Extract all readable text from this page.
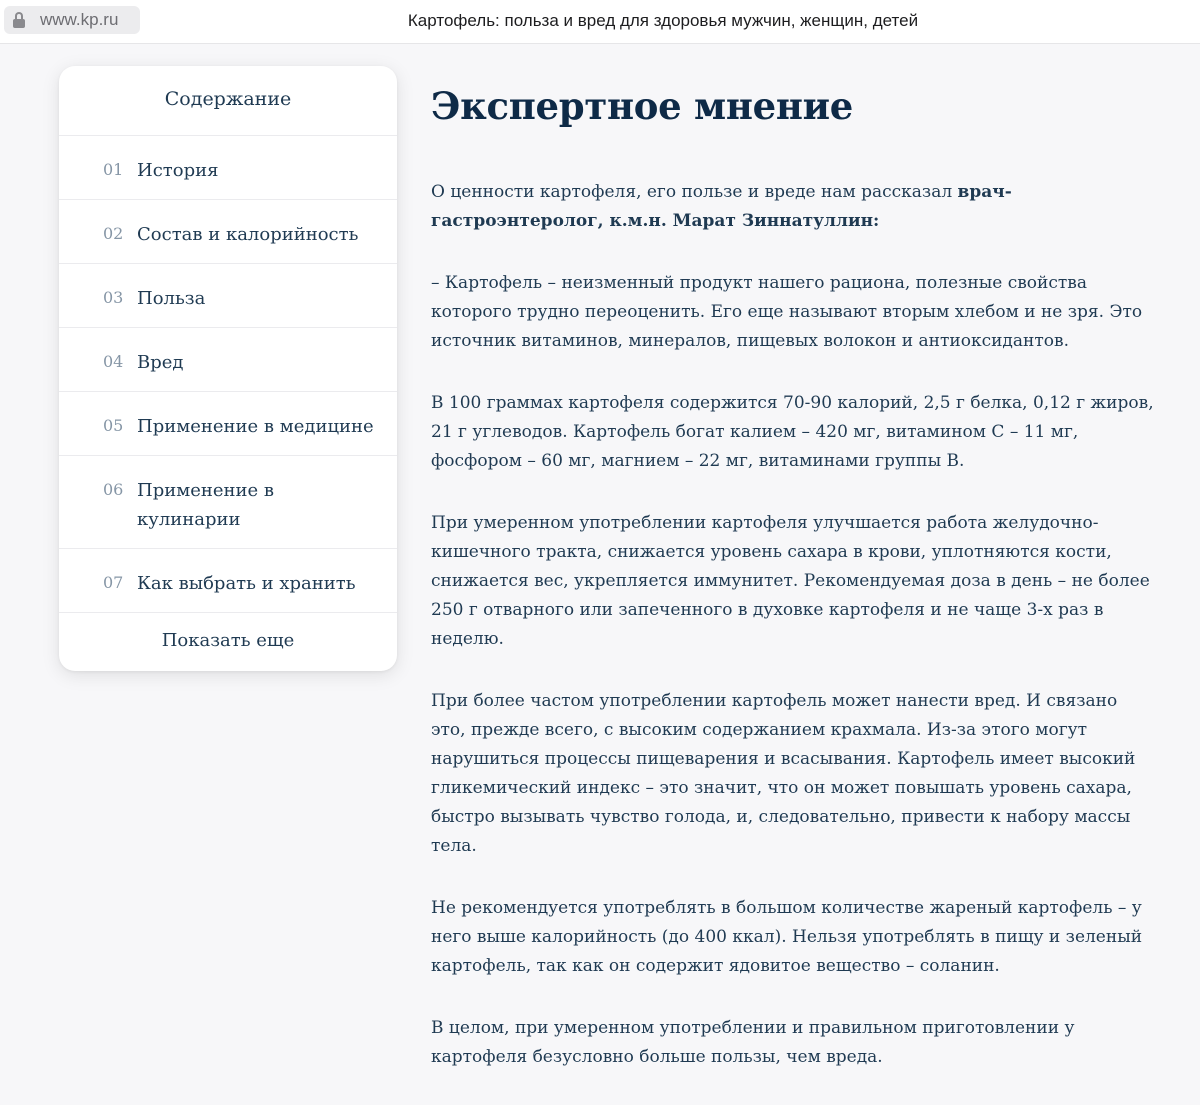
Картофель: польза и вред для здоровья мужчин, женщин, детей
www.kp.ru
Содержание
01 История
02 Состав и калорийность
03 Польза
04 Вред
05 Применение в медицине
06 Применение в кулинарии
07 Как выбрать и хранить
Показать еще
Экспертное мнение

О ценности картофеля, его пользе и вреде нам рассказал врач-гастроэнтеролог, к.м.н. Марат Зиннатуллин:

– Картофель – неизменный продукт нашего рациона, полезные свойства которого трудно переоценить. Его еще называют вторым хлебом и не зря. Это источник витаминов, минералов, пищевых волокон и антиоксидантов.

В 100 граммах картофеля содержится 70-90 калорий, 2,5 г белка, 0,12 г жиров, 21 г углеводов. Картофель богат калием – 420 мг, витамином С – 11 мг, фосфором – 60 мг, магнием – 22 мг, витаминами группы В.

При умеренном употреблении картофеля улучшается работа желудочно-кишечного тракта, снижается уровень сахара в крови, уплотняются кости, снижается вес, укрепляется иммунитет. Рекомендуемая доза в день – не более 250 г отварного или запеченного в духовке картофеля и не чаще 3-х раз в неделю.

При более частом употреблении картофель может нанести вред. И связано это, прежде всего, с высоким содержанием крахмала. Из-за этого могут нарушиться процессы пищеварения и всасывания. Картофель имеет высокий гликемический индекс – это значит, что он может повышать уровень сахара, быстро вызывать чувство голода, и, следовательно, привести к набору массы тела.

Не рекомендуется употреблять в большом количестве жареный картофель – у него выше калорийность (до 400 ккал). Нельзя употреблять в пищу и зеленый картофель, так как он содержит ядовитое вещество – соланин.

В целом, при умеренном употреблении и правильном приготовлении у картофеля безусловно больше пользы, чем вреда.
